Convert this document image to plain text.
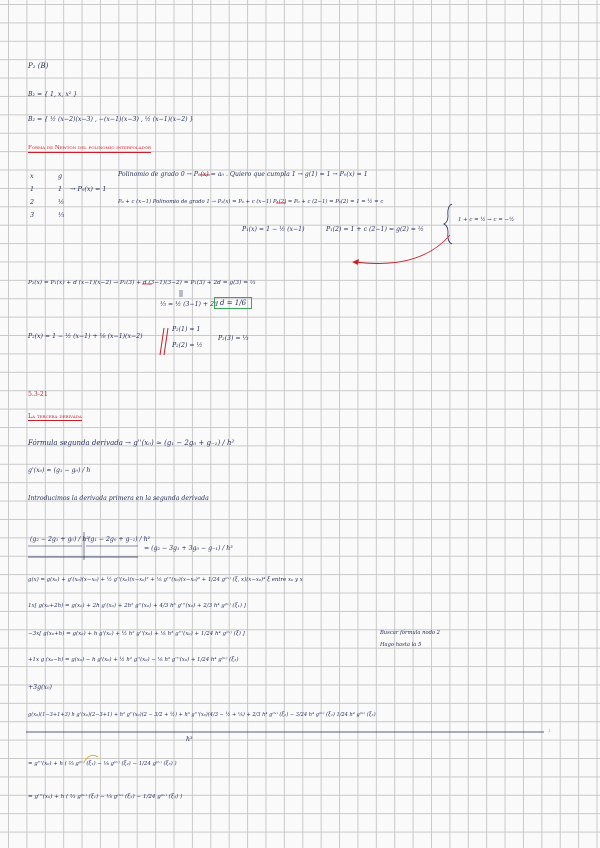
P₂ (B)
B₂ = { 1, x, x² }
B₂ = { ½ (x−2)(x−3) , −(x−1)(x−3) , ½ (x−1)(x−2) }
Forma de Newton del polinomio interpolador
x	g
1	1 → P₀(x) = 1
2	½
3	⅓
Polinomio de grado 0 → P₀(x) = a₀ . Quiero que cumpla 1 → g(1) = 1 → P₀(x) = 1
P₀ + c (x−1) Polinomio de grado 1 → P₁(x) = P₀ + c (x−1) P₁(2) = P₀ + c (2−1) = P₀(2) = 1 = ½ = c
1 + c = ½ → c = −½
P₁(x) = 1 − ½ (x−1)	P₁(2) = 1 + c (2−1) = g(2) = ½
P₂(x) = P₁(x) + d (x−1)(x−2) → P₁(3) + d (3−1)(3−2) = P₁(3) + 2d = g(3) = ⅓
⅓ = ½ (3−1) + 2d d = 1/6
P₂(x) = 1 − ½ (x−1) + ⅙ (x−1)(x−2)
P₂(1) = 1
P₂(2) = ½
P₂(3) = ⅓
5.3-21
La tercera derivada
Fórmula segunda derivada → g''(x₀) ≈ (g₁ − 2g₀ + g₋₁) / h²
g'(x₀) ≈ (g₁ − g₀) / h
Introducimos la derivada primera en la segunda derivada
(g₂ − 2g₁ + g₀) / h² (g₁ − 2g₀ + g₋₁) / h²
= (g₂ − 3g₁ + 3g₀ − g₋₁) / h³
g(x) = g(x₀) + g'(x₀)(x−x₀) + ½ g''(x₀)(x−x₀)² + ⅙ g'''(x₀)(x−x₀)³ + 1/24 g⁽ⁱᵛ⁾ (ξ, x)(x−x₀)⁴ ξ entre x₀ y x
1x[ g(x₀+2h) = g(x₀) + 2h g'(x₀) + 2h² g''(x₀) + 4/3 h³ g'''(x₀) + 2/3 h⁴ g⁽ⁱᵛ⁾ (ξ₁) ]
−3x[ g(x₀+h) = g(x₀) + h g'(x₀) + ½ h² g''(x₀) + ⅙ h³ g'''(x₀) + 1/24 h⁴ g⁽ⁱᵛ⁾ (ξ) ]	Buscar fórmula nodo 2
Hago hasta la 5
+1x g (x₀−h) = g(x₀) − h g'(x₀) + ½ h² g''(x₀) − ⅙ h³ g'''(x₀) + 1/24 h⁴ g⁽ⁱᵛ⁾ (ξ₃)
+3g(x₀)
g(x₀)(1−3+1+3) h g'(x₀)(2−3+1) + h² g''(x₀)(2 − 3/2 + ½) + h³ g'''(x₀)(4/3 − ½ + ⅙) + 2/3 h⁴ g⁽ⁱᵛ⁾ (ξ₁) − 3/24 h⁴ g⁽ⁱᵛ⁾ (ξ₂) 1/24 h⁴ g⁽ⁱᵛ⁾ (ξ₃)
h³
1.
= g'''(x₀) + h ( ⅔ g⁽ⁱᵛ⁾ (ξ₁) − ⅛ g⁽ⁱᵛ⁾ (ξ₂) − 1/24 g⁽ⁱᵛ⁾ (ξ₃) )
= g'''(x₀) + h ( ⅔ g⁽ⁱᵛ⁾ (ξ₁) − ⅛ g⁽ⁱᵛ⁾ (ξ₂) − 1/24 g⁽ⁱᵛ⁾ (ξ₃) )
